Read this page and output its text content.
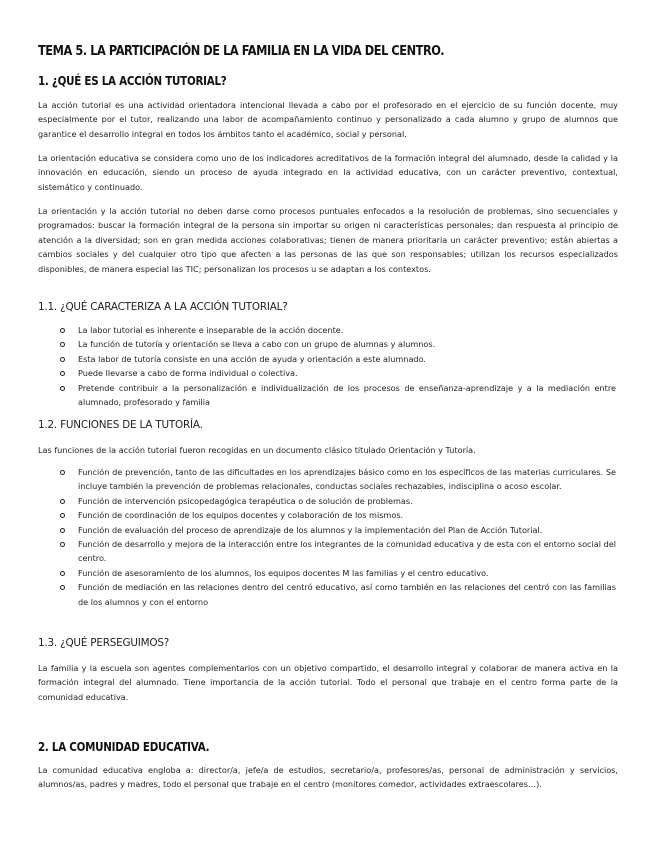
TEMA 5. LA PARTICIPACIÓN DE LA FAMILIA EN LA VIDA DEL CENTRO.
1. ¿QUÉ ES LA ACCIÓN TUTORIAL?

La acción tutorial es una actividad orientadora intencional llevada a cabo por el profesorado en el ejercicio de su función docente, muy especialmente por el tutor, realizando una labor de acompañamiento continuo y personalizado a cada alumno y grupo de alumnos que garantice el desarrollo integral en todos los ámbitos tanto el académico, social y personal.

La orientación educativa se considera como uno de los indicadores acreditativos de la formación integral del alumnado, desde la calidad y la innovación en educación, siendo un proceso de ayuda integrado en la actividad educativa, con un carácter preventivo, contextual, sistemático y continuado.

La orientación y la acción tutorial no deben darse como procesos puntuales enfocados a la resolución de problemas, sino secuenciales y programados: buscar la formación integral de la persona sin importar su origen ni características personales; dan respuesta al principio de atención a la diversidad; son en gran medida acciones colaborativas; tienen de manera prioritaria un carácter preventivo; están abiertas a cambios sociales y del cualquier otro tipo que afecten a las personas de las que son responsables; utilizan los recursos especializados disponibles, de manera especial las TIC; personalizan los procesos u se adaptan a los contextos.

1.1. ¿QUÉ CARACTERIZA A LA ACCIÓN TUTORIAL?
La labor tutorial es inherente e inseparable de la acción docente.
La función de tutoría y orientación se lleva a cabo con un grupo de alumnas y alumnos.
Esta labor de tutoría consiste en una acción de ayuda y orientación a este alumnado.
Puede llevarse a cabo de forma individual o colectiva.
Pretende contribuir a la personalización e individualización de los procesos de enseñanza-aprendizaje y a la mediación entre alumnado, profesorado y familia
1.2. FUNCIONES DE LA TUTORÍA.

Las funciones de la acción tutorial fueron recogidas en un documento clásico titulado Orientación y Tutoría.

Función de prevención, tanto de las dificultades en los aprendizajes básico como en los específicos de las materias curriculares. Se incluye también la prevención de problemas relacionales, conductas sociales rechazables, indisciplina o acoso escolar.
Función de intervención psicopedagógica terapéutica o de solución de problemas.
Función de coordinación de los equipos docentes y colaboración de los mismos.
Función de evaluación del proceso de aprendizaje de los alumnos y la implementación del Plan de Acción Tutorial.
Función de desarrollo y mejora de la interacción entre los integrantes de la comunidad educativa y de esta con el entorno social del centro.
Función de asesoramiento de los alumnos, los equipos docentes M las familias y el centro educativo.
Función de mediación en las relaciones dentro del centró educativo, así como también en las relaciones del centró con las familias de los alumnos y con el entorno
1.3. ¿QUÉ PERSEGUIMOS?

La familia y la escuela son agentes complementarios con un objetivo compartido, el desarrollo integral y colaborar de manera activa en la formación integral del alumnado. Tiene importancia de la acción tutorial. Todo el personal que trabaje en el centro forma parte de la comunidad educativa.

2. LA COMUNIDAD EDUCATIVA.

La comunidad educativa engloba a: director/a, jefe/a de estudios, secretario/a, profesores/as, personal de administración y servicios, alumnos/as, padres y madres, todo el personal que trabaje en el centro (monitores comedor, actividades extraescolares…).
